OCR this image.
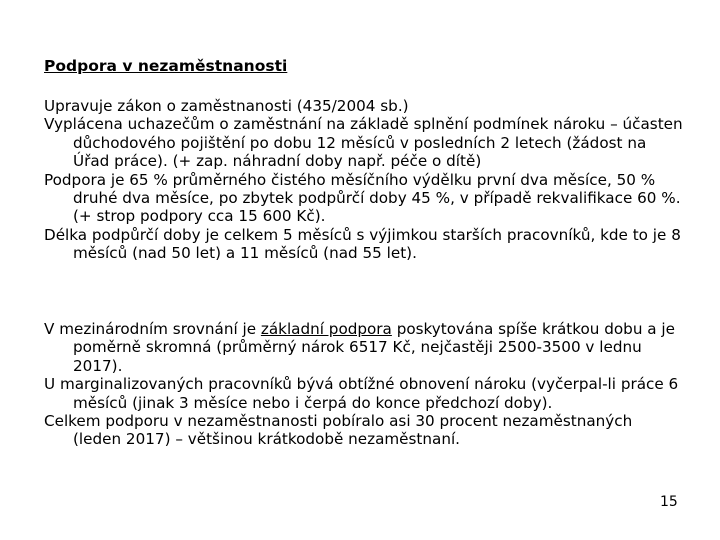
Podpora v nezaměstnanosti

Upravuje zákon o zaměstnanosti (435/2004 sb.)

Vyplácena uchazečům o zaměstnání na základě splnění podmínek nároku – účasten důchodového pojištění po dobu 12 měsíců v posledních 2 letech (žádost na Úřad práce). (+ zap. náhradní doby např. péče o dítě)

Podpora je 65 % průměrného čistého měsíčního výdělku první dva měsíce, 50 % druhé dva měsíce, po zbytek podpůrčí doby 45 %, v případě rekvalifikace 60 %. (+ strop podpory cca 15 600 Kč).

Délka podpůrčí doby je celkem 5 měsíců s výjimkou starších pracovníků, kde to je 8 měsíců (nad 50 let) a 11 měsíců (nad 55 let).

V mezinárodním srovnání je základní podpora poskytována spíše krátkou dobu a je poměrně skromná (průměrný nárok 6517 Kč, nejčastěji 2500-3500 v lednu 2017).

U marginalizovaných pracovníků bývá obtížné obnovení nároku (vyčerpal-li práce 6 měsíců (jinak 3 měsíce nebo i čerpá do konce předchozí doby).

Celkem podporu v nezaměstnanosti pobíralo asi 30 procent nezaměstnaných (leden 2017) – většinou krátkodobě nezaměstnaní.

15
